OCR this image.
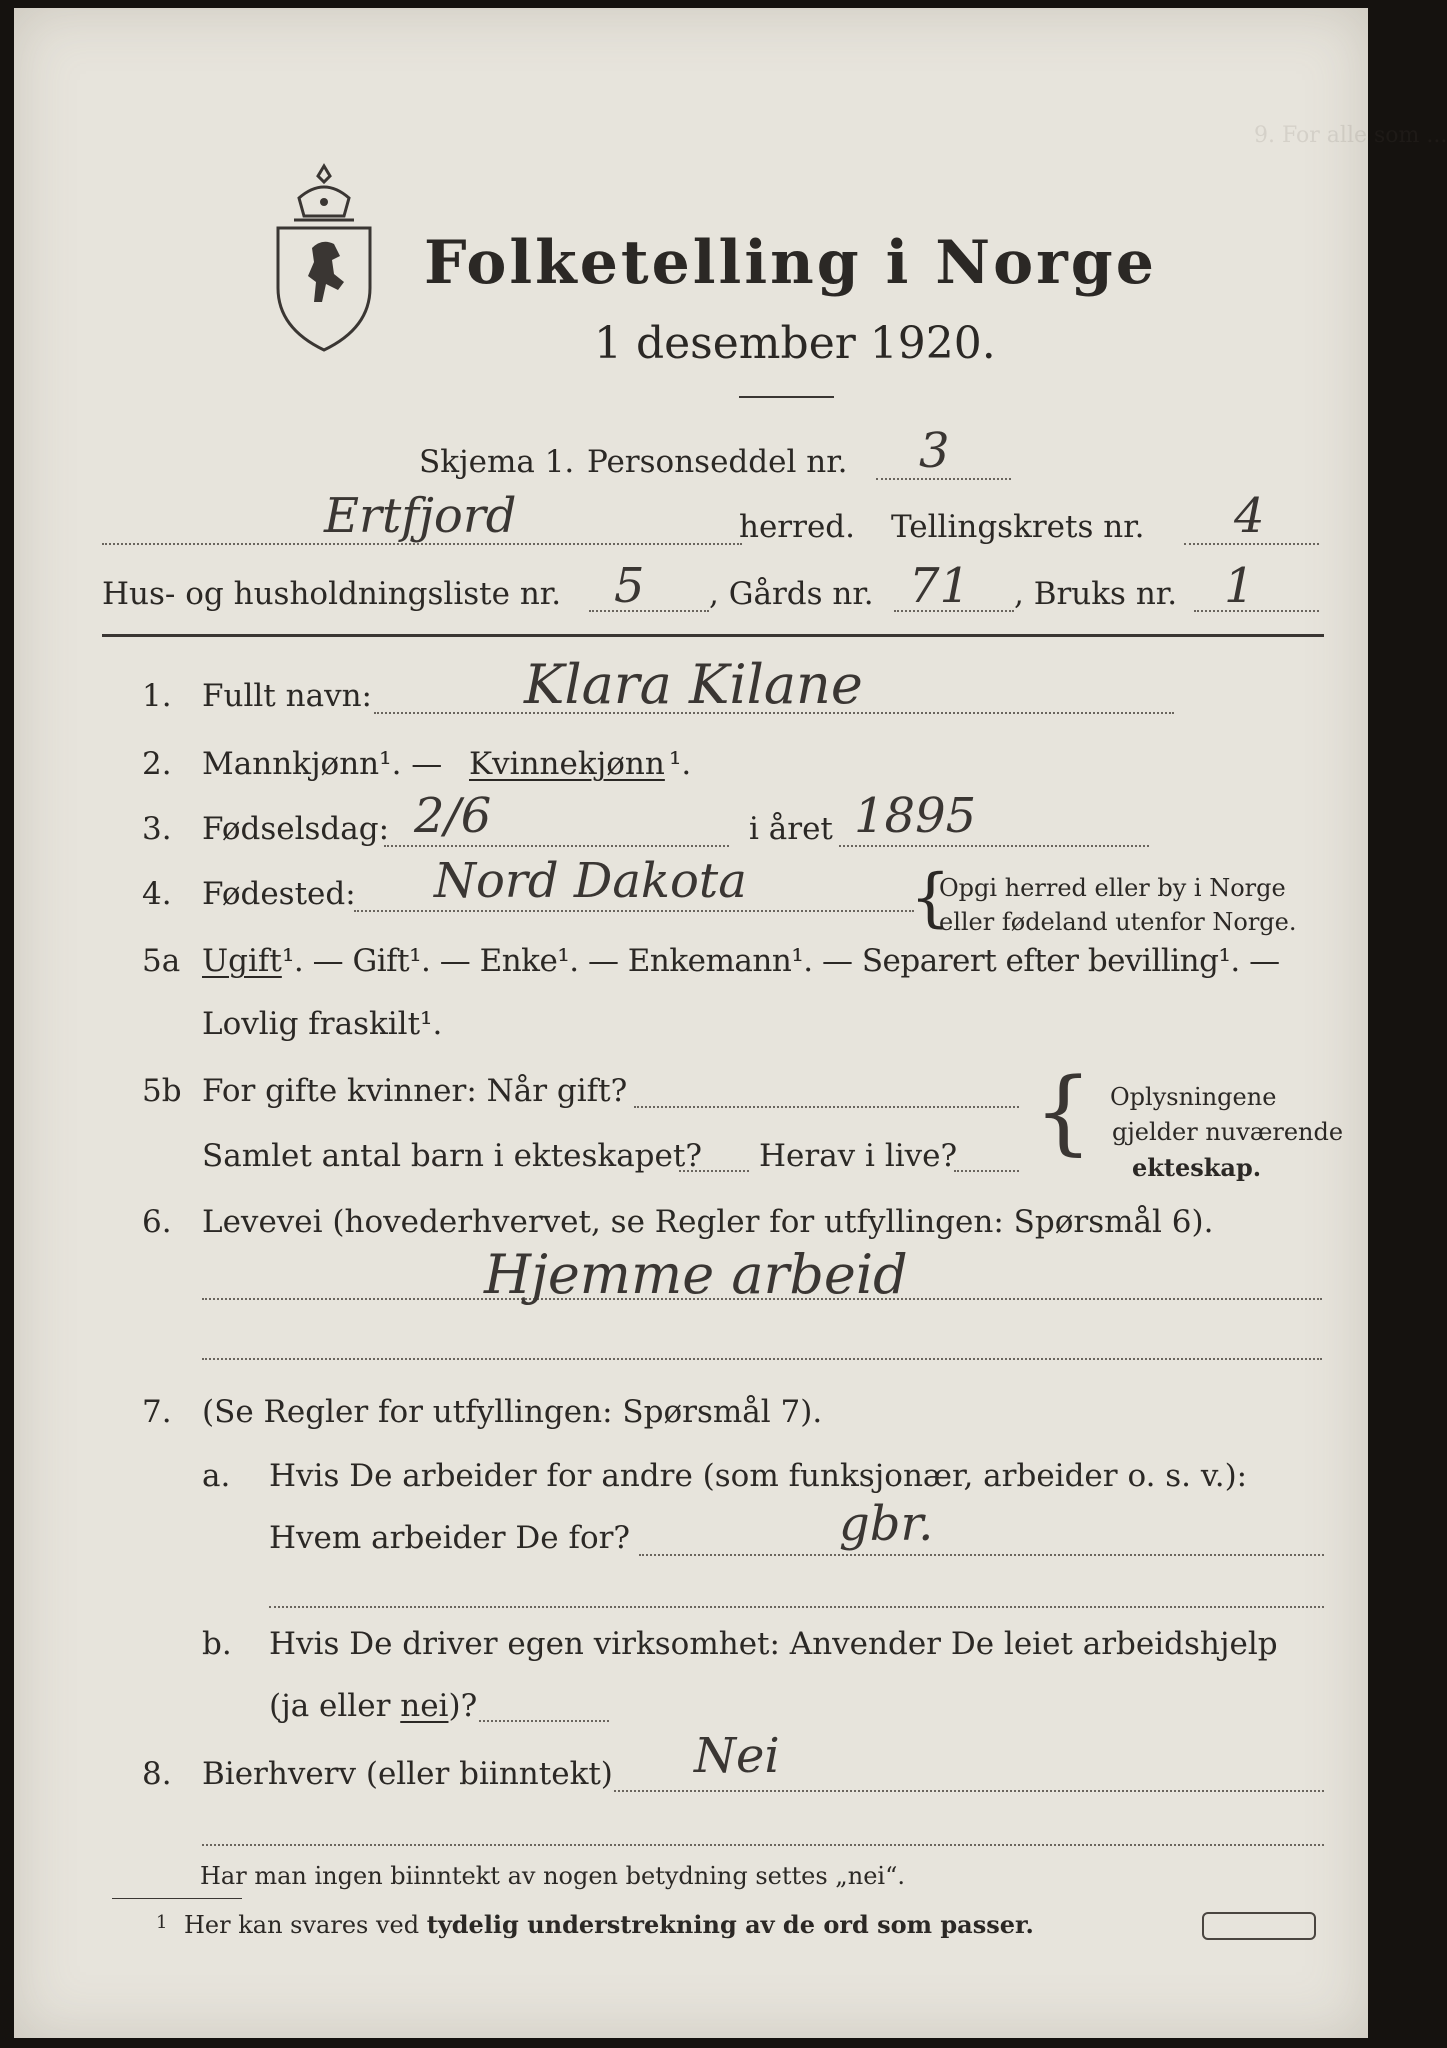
9. For alle som ...
Folketelling i Norge
1 desember 1920.
Skjema 1. Personseddel nr. 3
Ertfjord	herred. Tellingskrets nr. 4
Hus- og husholdningsliste nr. 5 , Gårds nr. 71 , Bruks nr. 1
1. Fullt navn:	Klara Kilane
2. Mannkjønn¹. — Kvinnekjønn ¹.
3. Fødselsdag: 2/6	i året 1895
4. Fødested: Nord Dakota	{
Opgi herred eller by i Norge
eller fødeland utenfor Norge.
5a Ugift ¹. — Gift¹. — Enke¹. — Enkemann¹. — Separert efter bevilling¹. —
Lovlig fraskilt¹.
5b For gifte kvinner: Når gift?
Samlet antal barn i ekteskapet? Herav i live? { Oplysningene
gjelder nuværende
ekteskap.
6. Levevei (hovederhvervet, se Regler for utfyllingen: Spørsmål 6).
Hjemme arbeid
7. (Se Regler for utfyllingen: Spørsmål 7).
a. Hvis De arbeider for andre (som funksjonær, arbeider o. s. v.):
Hvem arbeider De for?	gbr.
b. Hvis De driver egen virksomhet: Anvender De leiet arbeidshjelp
(ja eller nei)?
8. Bierhverv (eller biinntekt) Nei
Har man ingen biinntekt av nogen betydning settes „nei“.
1 Her kan svares ved tydelig understrekning av de ord som passer.
